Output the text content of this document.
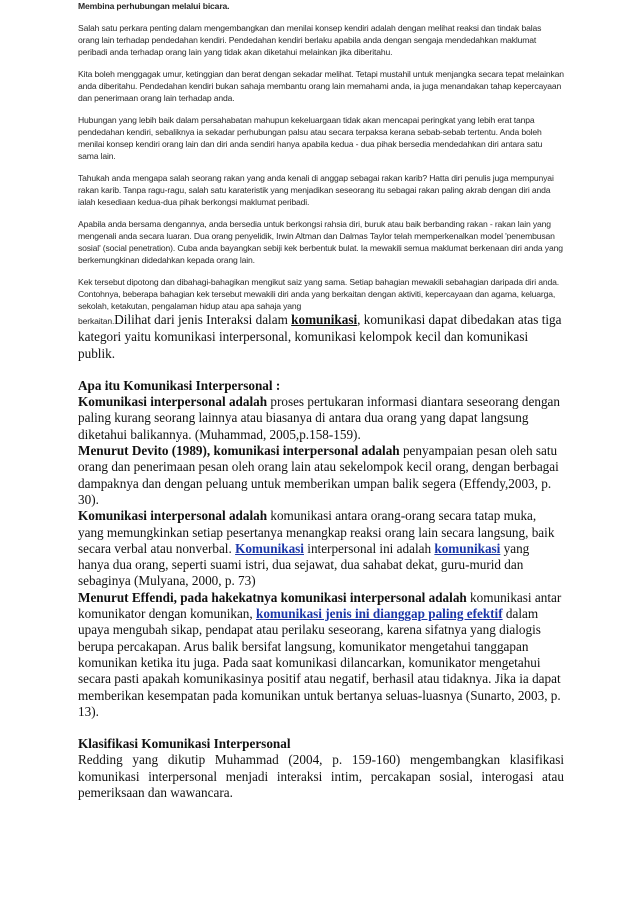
Membina perhubungan melalui bicara.

Salah satu perkara penting dalam mengembangkan dan menilai konsep kendiri adalah dengan melihat reaksi dan tindak balas orang lain terhadap pendedahan kendiri. Pendedahan kendiri berlaku apabila anda dengan sengaja mendedahkan maklumat peribadi anda terhadap orang lain yang tidak akan diketahui melainkan jika diberitahu.

Kita boleh menggagak umur, ketinggian dan berat dengan sekadar melihat. Tetapi mustahil untuk menjangka secara tepat melainkan anda diberitahu. Pendedahan kendiri bukan sahaja membantu orang lain memahami anda, ia juga menandakan tahap kepercayaan dan penerimaan orang lain terhadap anda.

Hubungan yang lebih baik dalam persahabatan mahupun kekeluargaan tidak akan mencapai peringkat yang lebih erat tanpa pendedahan kendiri, sebaliknya ia sekadar perhubungan palsu atau secara terpaksa kerana sebab-sebab tertentu. Anda boleh menilai konsep kendiri orang lain dan diri anda sendiri hanya apabila kedua - dua pihak bersedia mendedahkan diri antara satu sama lain.

Tahukah anda mengapa salah seorang rakan yang anda kenali di anggap sebagai rakan karib? Hatta diri penulis juga mempunyai rakan karib. Tanpa ragu-ragu, salah satu karateristik yang menjadikan seseorang itu sebagai rakan paling akrab dengan diri anda ialah kesediaan kedua-dua pihak berkongsi maklumat peribadi.

Apabila anda bersama dengannya, anda bersedia untuk berkongsi rahsia diri, buruk atau baik berbanding rakan - rakan lain yang mengenali anda secara luaran. Dua orang penyelidik, Irwin Altman dan Dalmas Taylor telah memperkenalkan model 'penembusan sosial' (social penetration). Cuba anda bayangkan sebiji kek berbentuk bulat. Ia mewakili semua maklumat berkenaan diri anda yang berkemungkinan didedahkan kepada orang lain.

Kek tersebut dipotong dan dibahagi-bahagikan mengikut saiz yang sama. Setiap bahagian mewakili sebahagian daripada diri anda. Contohnya, beberapa bahagian kek tersebut mewakili diri anda yang berkaitan dengan aktiviti, kepercayaan dan agama, keluarga, sekolah, ketakutan, pengalaman hidup atau apa sahaja yang

berkaitan.Dilihat dari jenis Interaksi dalam komunikasi, komunikasi dapat dibedakan atas tiga kategori yaitu komunikasi interpersonal, komunikasi kelompok kecil dan komunikasi publik.

Apa itu Komunikasi Interpersonal :

Komunikasi interpersonal adalah proses pertukaran informasi diantara seseorang dengan paling kurang seorang lainnya atau biasanya di antara dua orang yang dapat langsung diketahui balikannya. (Muhammad, 2005,p.158-159).

Menurut Devito (1989), komunikasi interpersonal adalah penyampaian pesan oleh satu orang dan penerimaan pesan oleh orang lain atau sekelompok kecil orang, dengan berbagai dampaknya dan dengan peluang untuk memberikan umpan balik segera (Effendy,2003, p. 30).

Komunikasi interpersonal adalah komunikasi antara orang-orang secara tatap muka, yang memungkinkan setiap pesertanya menangkap reaksi orang lain secara langsung, baik secara verbal atau nonverbal. Komunikasi interpersonal ini adalah komunikasi yang hanya dua orang, seperti suami istri, dua sejawat, dua sahabat dekat, guru-murid dan sebaginya (Mulyana, 2000, p. 73)

Menurut Effendi, pada hakekatnya komunikasi interpersonal adalah komunikasi antar komunikator dengan komunikan, komunikasi jenis ini dianggap paling efektif dalam upaya mengubah sikap, pendapat atau perilaku seseorang, karena sifatnya yang dialogis berupa percakapan. Arus balik bersifat langsung, komunikator mengetahui tanggapan komunikan ketika itu juga. Pada saat komunikasi dilancarkan, komunikator mengetahui secara pasti apakah komunikasinya positif atau negatif, berhasil atau tidaknya. Jika ia dapat memberikan kesempatan pada komunikan untuk bertanya seluas-luasnya (Sunarto, 2003, p. 13).

Klasifikasi Komunikasi Interpersonal

Redding yang dikutip Muhammad (2004, p. 159-160) mengembangkan klasifikasi komunikasi interpersonal menjadi interaksi intim, percakapan sosial, interogasi atau pemeriksaan dan wawancara.
